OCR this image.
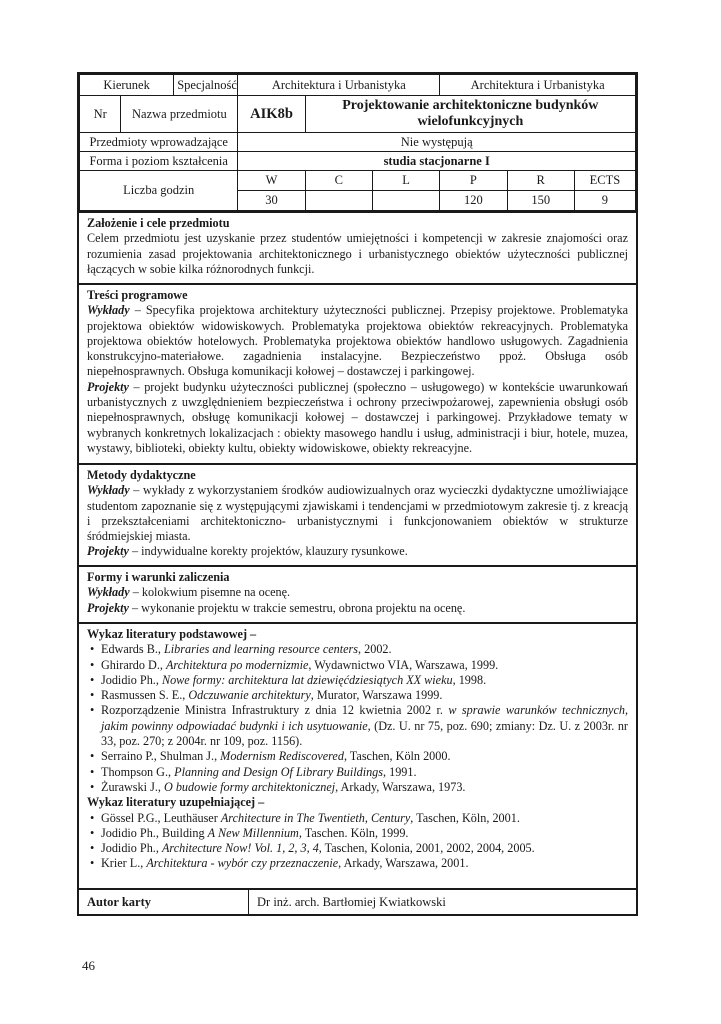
Kierunek		Specjalność	Architektura i Urbanistyka			Architektura i Urbanistyka		
Nr	Nazwa przedmiotu		AIK8b	Projektowanie architektoniczne budynków wielofunkcyjnych				
Przedmioty wprowadzające			Nie występują					
Forma i poziom kształcenia			studia stacjonarne I					
Liczba godzin			W	C	L	P	R	ECTS
			30			120	150	9
Założenie i cele przedmiotu
Celem przedmiotu jest uzyskanie przez studentów umiejętności i kompetencji w zakresie znajomości oraz rozumienia zasad projektowania architektonicznego i urbanistycznego obiektów użyteczności publicznej łączących w sobie kilka różnorodnych funkcji.
Treści programowe
Wykłady – Specyfika projektowa architektury użyteczności publicznej. Przepisy projektowe. Problematyka projektowa obiektów widowiskowych. Problematyka projektowa obiektów rekreacyjnych. Problematyka projektowa obiektów hotelowych. Problematyka projektowa obiektów handlowo usługowych. Zagadnienia konstrukcyjno-materiałowe. zagadnienia instalacyjne. Bezpieczeństwo ppoż. Obsługa osób niepełnosprawnych. Obsługa komunikacji kołowej – dostawczej i parkingowej.
Projekty – projekt budynku użyteczności publicznej (społeczno – usługowego) w kontekście uwarunkowań urbanistycznych z uwzględnieniem bezpieczeństwa i ochrony przeciwpożarowej, zapewnienia obsługi osób niepełnosprawnych, obsługę komunikacji kołowej – dostawczej i parkingowej. Przykładowe tematy w wybranych konkretnych lokalizacjach : obiekty masowego handlu i usług, administracji i biur, hotele, muzea, wystawy, biblioteki, obiekty kultu, obiekty widowiskowe, obiekty rekreacyjne.
Metody dydaktyczne
Wykłady – wykłady z wykorzystaniem środków audiowizualnych oraz wycieczki dydaktyczne umożliwiające studentom zapoznanie się z występującymi zjawiskami i tendencjami w przedmiotowym zakresie tj. z kreacją i przekształceniami architektoniczno- urbanistycznymi i funkcjonowaniem obiektów w strukturze śródmiejskiej miasta.
Projekty – indywidualne korekty projektów, klauzury rysunkowe.
Formy i warunki zaliczenia
Wykłady – kolokwium pisemne na ocenę.
Projekty – wykonanie projektu w trakcie semestru, obrona projektu na ocenę.
Wykaz literatury podstawowej –
• Edwards B., Libraries and learning resource centers, 2002.
• Ghirardo D., Architektura po modernizmie, Wydawnictwo VIA, Warszawa, 1999.
• Jodidio Ph., Nowe formy: architektura lat dziewięćdziesiątych XX wieku, 1998.
• Rasmussen S. E., Odczuwanie architektury, Murator, Warszawa 1999.
• Rozporządzenie Ministra Infrastruktury z dnia 12 kwietnia 2002 r. w sprawie warunków technicznych, jakim powinny odpowiadać budynki i ich usytuowanie, (Dz. U. nr 75, poz. 690; zmiany: Dz. U. z 2003r. nr 33, poz. 270; z 2004r. nr 109, poz. 1156).
• Serraino P., Shulman J., Modernism Rediscovered, Taschen, Köln 2000.
• Thompson G., Planning and Design Of Library Buildings, 1991.
• Żurawski J., O budowie formy architektonicznej, Arkady, Warszawa, 1973.
Wykaz literatury uzupełniającej –
• Gössel P.G., Leuthäuser Architecture in The Twentieth, Century, Taschen, Köln, 2001.
• Jodidio Ph., Building A New Millennium, Taschen. Köln, 1999.
• Jodidio Ph., Architecture Now! Vol. 1, 2, 3, 4, Taschen, Kolonia, 2001, 2002, 2004, 2005.
• Krier L., Architektura - wybór czy przeznaczenie, Arkady, Warszawa, 2001.
Autor karty	Dr inż. arch. Bartłomiej Kwiatkowski
46
